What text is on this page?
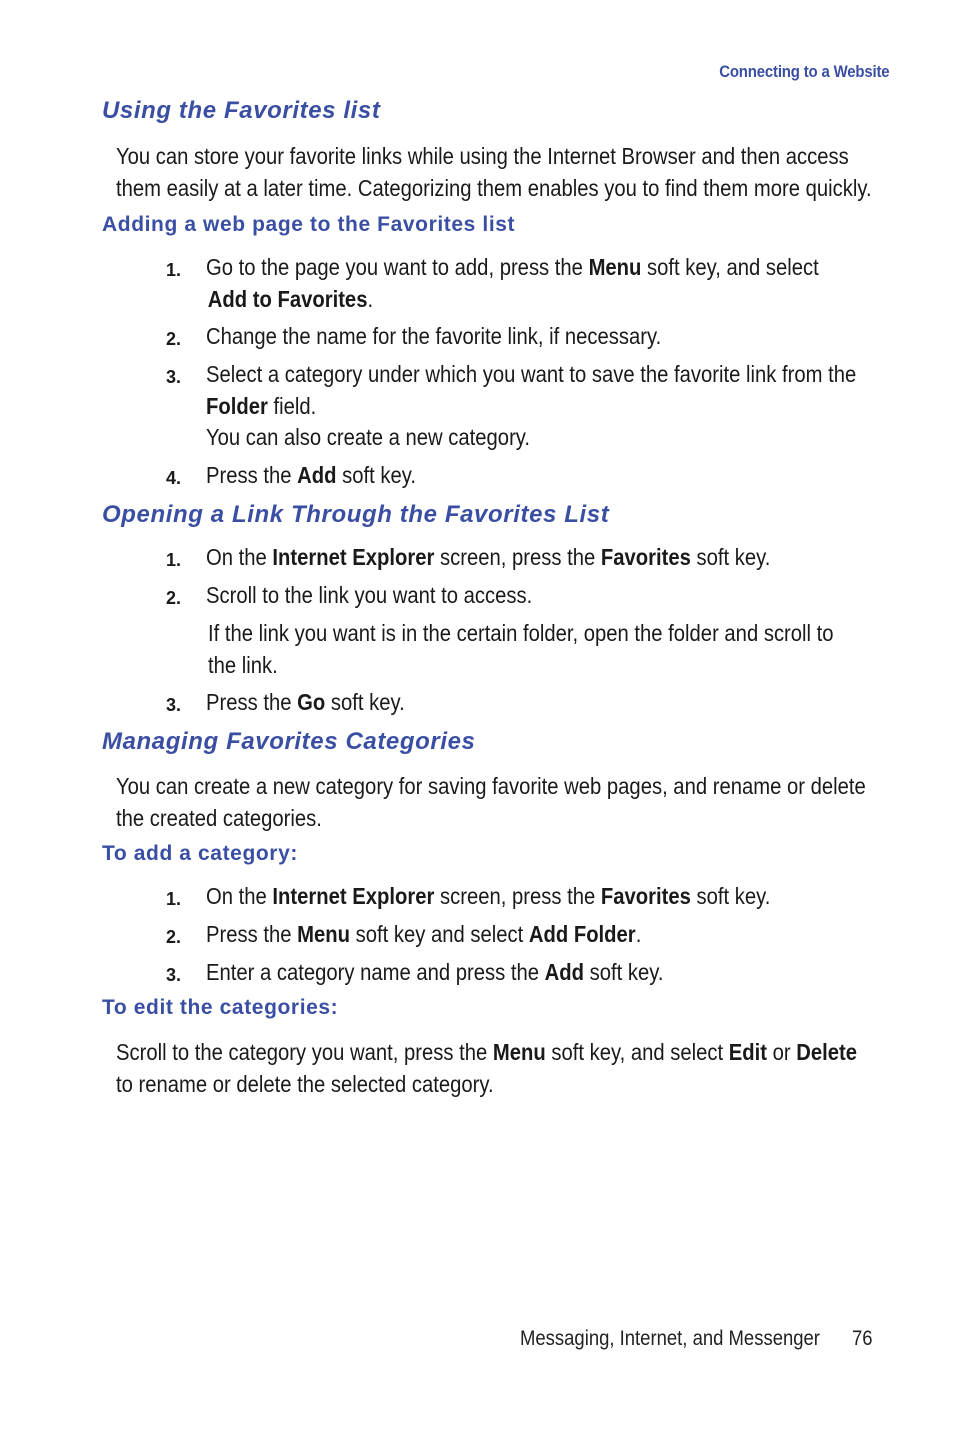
Connecting to a Website
Using the Favorites list
You can store your favorite links while using the Internet Browser and then access
them easily at a later time. Categorizing them enables you to find them more quickly.
Adding a web page to the Favorites list
1.	Go to the page you want to add, press the Menu soft key, and select
Add to Favorites.
2.	Change the name for the favorite link, if necessary.
3.	Select a category under which you want to save the favorite link from the
Folder field.
You can also create a new category.
4.	Press the Add soft key.
Opening a Link Through the Favorites List
1.	On the Internet Explorer screen, press the Favorites soft key.
2.	Scroll to the link you want to access.
If the link you want is in the certain folder, open the folder and scroll to
the link.
3.	Press the Go soft key.
Managing Favorites Categories
You can create a new category for saving favorite web pages, and rename or delete
the created categories.
To add a category:
1.	On the Internet Explorer screen, press the Favorites soft key.
2.	Press the Menu soft key and select Add Folder.
3.	Enter a category name and press the Add soft key.
To edit the categories:
Scroll to the category you want, press the Menu soft key, and select Edit or Delete
to rename or delete the selected category.
Messaging, Internet, and Messenger 76
